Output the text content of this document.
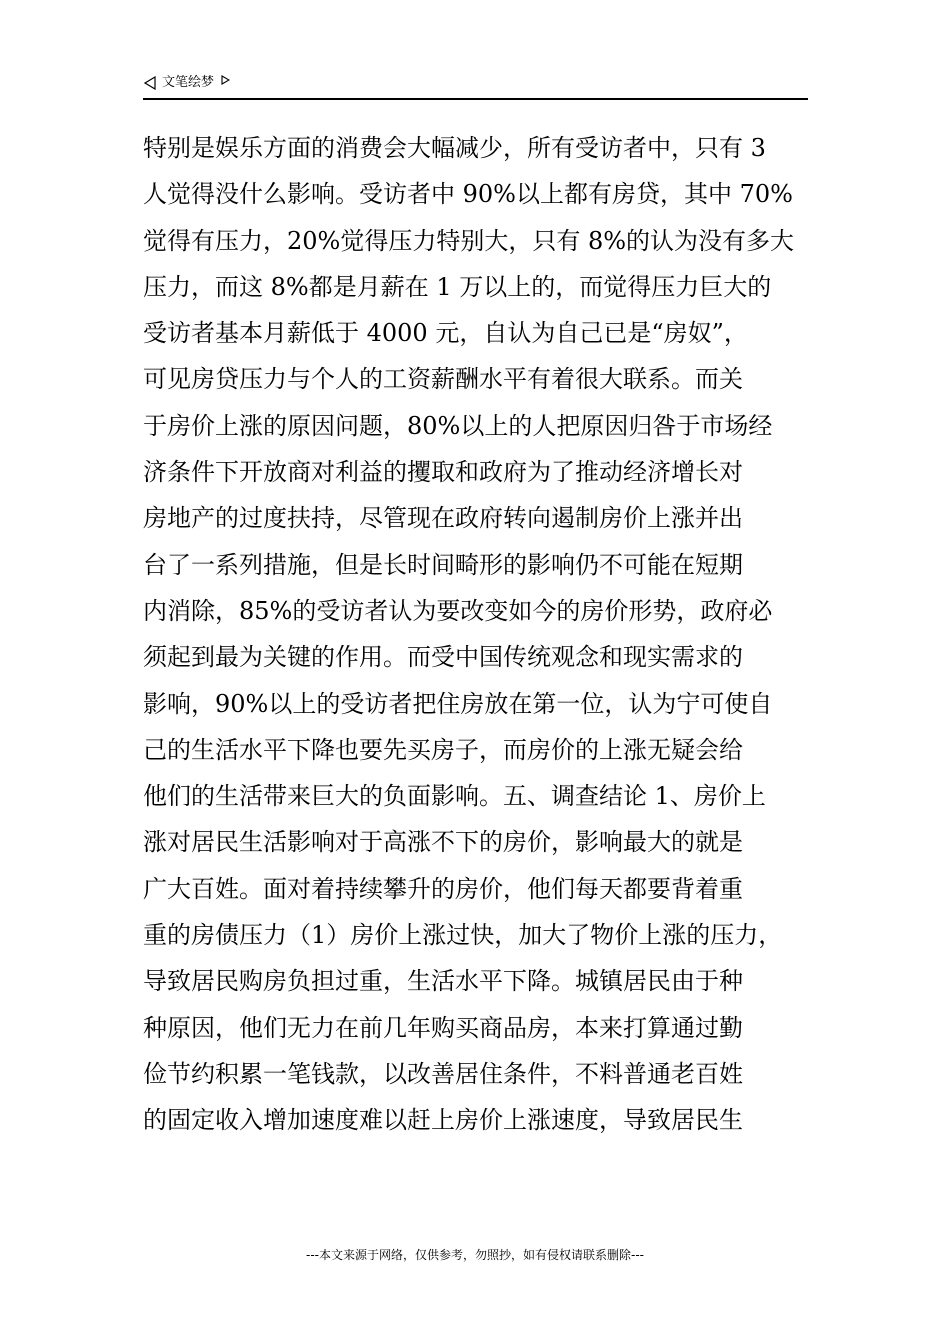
文笔绘梦
特别是娱乐方面的消费会大幅减少，所有受访者中，只有 3
人觉得没什么影响。受访者中 90%以上都有房贷，其中 70%
觉得有压力，20%觉得压力特别大，只有 8%的认为没有多大
压力，而这 8%都是月薪在 1 万以上的，而觉得压力巨大的
受访者基本月薪低于 4000 元，自认为自己已是“房奴”，
可见房贷压力与个人的工资薪酬水平有着很大联系。而关
于房价上涨的原因问题，80%以上的人把原因归咎于市场经
济条件下开放商对利益的攫取和政府为了推动经济增长对
房地产的过度扶持，尽管现在政府转向遏制房价上涨并出
台了一系列措施，但是长时间畸形的影响仍不可能在短期
内消除，85%的受访者认为要改变如今的房价形势，政府必
须起到最为关键的作用。而受中国传统观念和现实需求的
影响，90%以上的受访者把住房放在第一位，认为宁可使自
己的生活水平下降也要先买房子，而房价的上涨无疑会给
他们的生活带来巨大的负面影响。五、调查结论 1、房价上
涨对居民生活影响对于高涨不下的房价，影响最大的就是
广大百姓。面对着持续攀升的房价，他们每天都要背着重
重的房债压力（1）房价上涨过快，加大了物价上涨的压力，
导致居民购房负担过重，生活水平下降。城镇居民由于种
种原因，他们无力在前几年购买商品房，本来打算通过勤
俭节约积累一笔钱款，以改善居住条件，不料普通老百姓
的固定收入增加速度难以赶上房价上涨速度，导致居民生
---本文来源于网络，仅供参考，勿照抄，如有侵权请联系删除---
